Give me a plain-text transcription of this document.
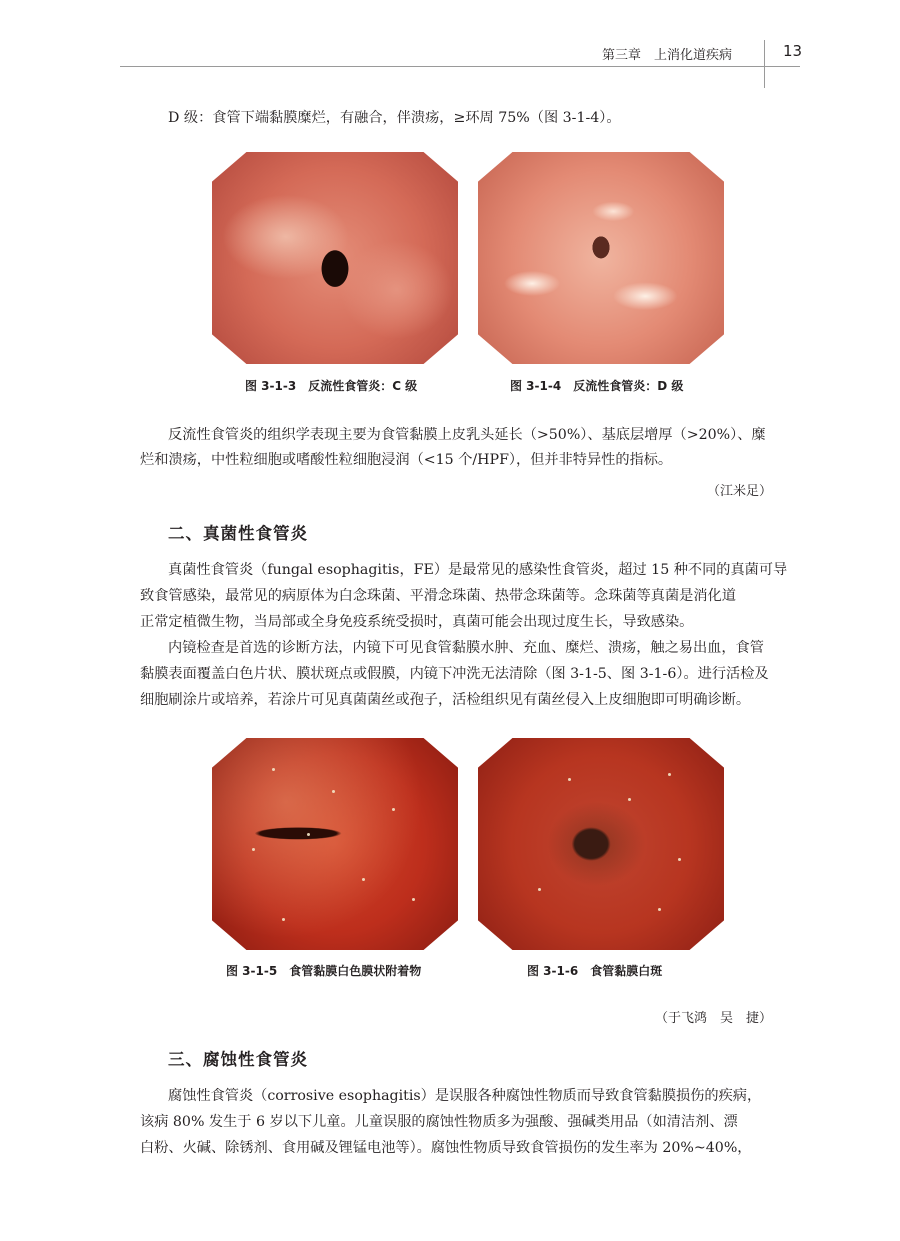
第三章　上消化道疾病	13

D 级：食管下端黏膜糜烂，有融合，伴溃疡，≥环周 75%（图 3-1-4）。

图 3-1-3　反流性食管炎：C 级	图 3-1-4　反流性食管炎：D 级

反流性食管炎的组织学表现主要为食管黏膜上皮乳头延长（>50%）、基底层增厚（>20%）、糜

烂和溃疡，中性粒细胞或嗜酸性粒细胞浸润（<15 个/HPF），但并非特异性的指标。

（江米足）

二、真菌性食管炎

真菌性食管炎（fungal esophagitis，FE）是最常见的感染性食管炎，超过 15 种不同的真菌可导

致食管感染，最常见的病原体为白念珠菌、平滑念珠菌、热带念珠菌等。念珠菌等真菌是消化道

正常定植微生物，当局部或全身免疫系统受损时，真菌可能会出现过度生长，导致感染。

内镜检查是首选的诊断方法，内镜下可见食管黏膜水肿、充血、糜烂、溃疡，触之易出血，食管

黏膜表面覆盖白色片状、膜状斑点或假膜，内镜下冲洗无法清除（图 3-1-5、图 3-1-6）。进行活检及

细胞刷涂片或培养，若涂片可见真菌菌丝或孢子，活检组织见有菌丝侵入上皮细胞即可明确诊断。

图 3-1-5　食管黏膜白色膜状附着物	图 3-1-6　食管黏膜白斑

（于飞鸿　吴　捷）

三、腐蚀性食管炎

腐蚀性食管炎（corrosive esophagitis）是误服各种腐蚀性物质而导致食管黏膜损伤的疾病，

该病 80% 发生于 6 岁以下儿童。儿童误服的腐蚀性物质多为强酸、强碱类用品（如清洁剂、漂

白粉、火碱、除锈剂、食用碱及锂锰电池等）。腐蚀性物质导致食管损伤的发生率为 20%~40%，
